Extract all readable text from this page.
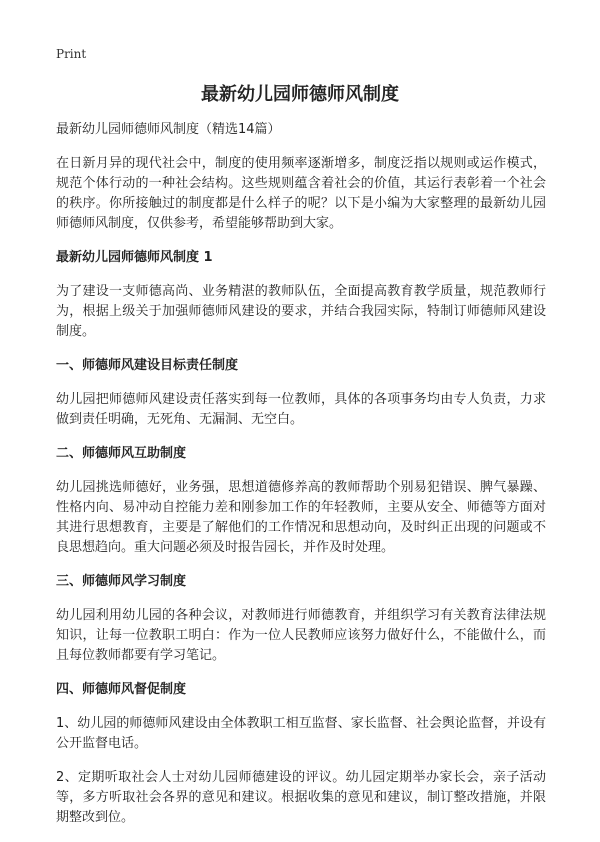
Print
最新幼儿园师德师风制度
最新幼儿园师德师风制度（精选14篇）

在日新月异的现代社会中，制度的使用频率逐渐增多，制度泛指以规则或运作模式，规范个体行动的一种社会结构。这些规则蕴含着社会的价值，其运行表彰着一个社会的秩序。你所接触过的制度都是什么样子的呢？以下是小编为大家整理的最新幼儿园师德师风制度，仅供参考，希望能够帮助到大家。

最新幼儿园师德师风制度 1

为了建设一支师德高尚、业务精湛的教师队伍，全面提高教育教学质量，规范教师行为，根据上级关于加强师德师风建设的要求，并结合我园实际，特制订师德师风建设制度。

一、师德师风建设目标责任制度

幼儿园把师德师风建设责任落实到每一位教师，具体的各项事务均由专人负责，力求做到责任明确，无死角、无漏洞、无空白。

二、师德师风互助制度

幼儿园挑选师德好，业务强，思想道德修养高的教师帮助个别易犯错误、脾气暴躁、性格内向、易冲动自控能力差和刚参加工作的年轻教师，主要从安全、师德等方面对其进行思想教育，主要是了解他们的工作情况和思想动向，及时纠正出现的问题或不良思想趋向。重大问题必须及时报告园长，并作及时处理。

三、师德师风学习制度

幼儿园利用幼儿园的各种会议，对教师进行师德教育，并组织学习有关教育法律法规知识，让每一位教职工明白：作为一位人民教师应该努力做好什么，不能做什么，而且每位教师都要有学习笔记。

四、师德师风督促制度

1、幼儿园的师德师风建设由全体教职工相互监督、家长监督、社会舆论监督，并设有公开监督电话。

2、定期听取社会人士对幼儿园师德建设的评议。幼儿园定期举办家长会，亲子活动等，多方听取社会各界的意见和建议。根据收集的意见和建议，制订整改措施，并限期整改到位。
